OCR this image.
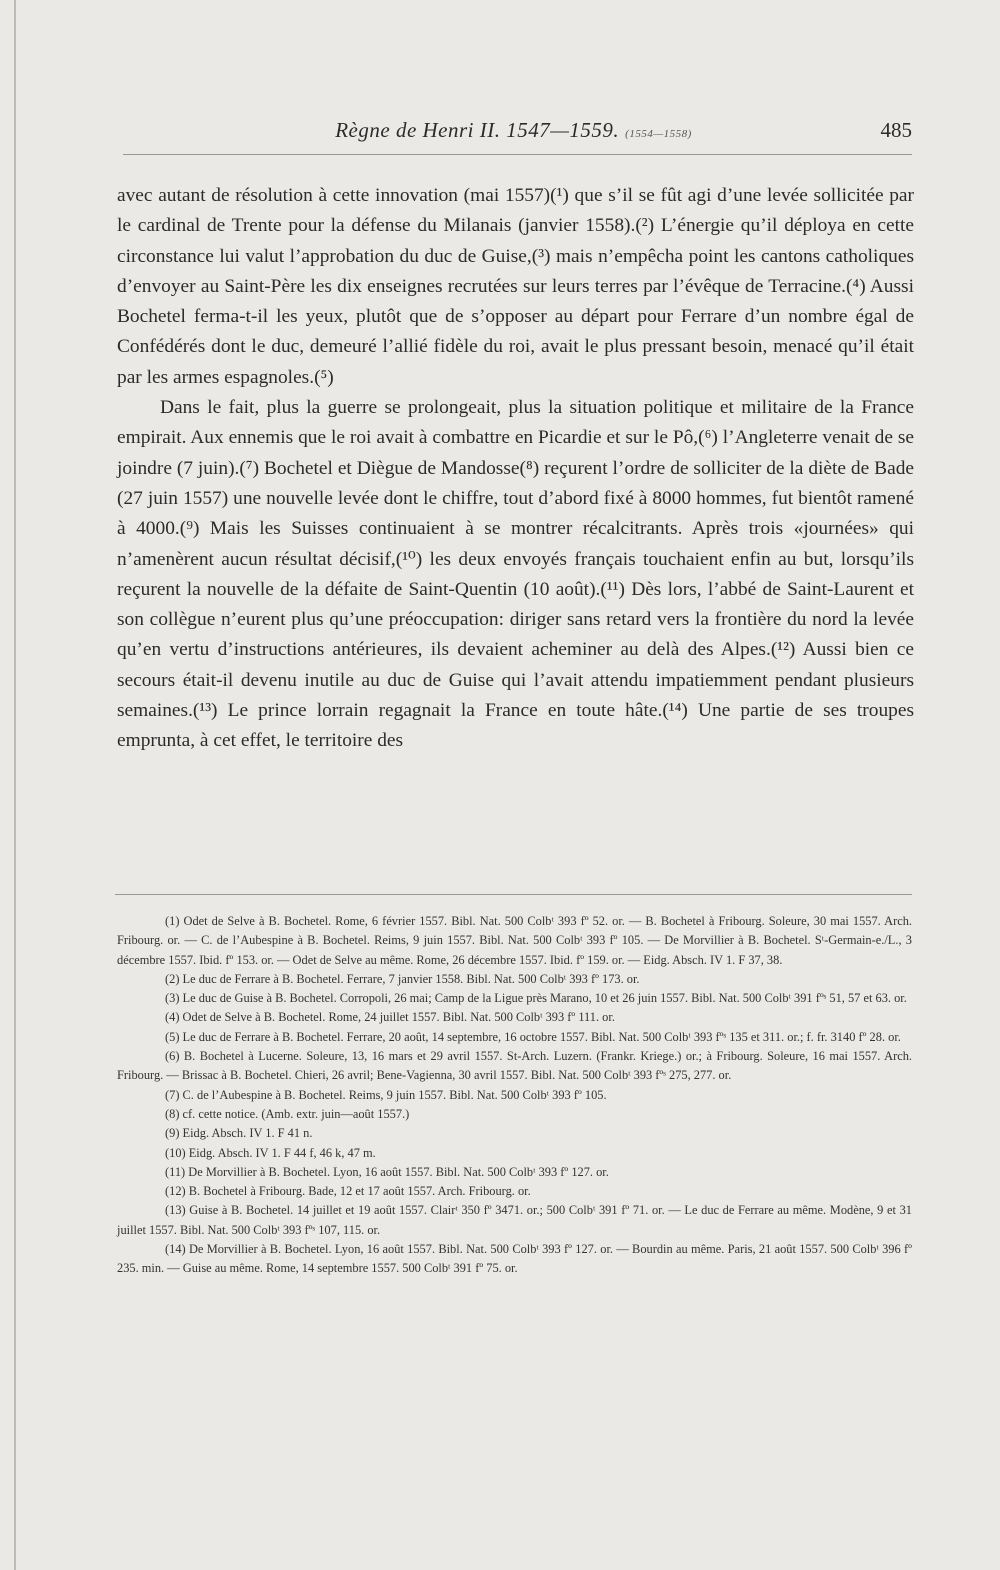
Règne de Henri II. 1547—1559. (1554—1558)	485

avec autant de résolution à cette innovation (mai 1557)(¹) que s’il se fût agi d’une levée sollicitée par le cardinal de Trente pour la défense du Milanais (janvier 1558).(²) L’énergie qu’il déploya en cette circonstance lui valut l’approbation du duc de Guise,(³) mais n’empêcha point les cantons catholiques d’envoyer au Saint-Père les dix enseignes recrutées sur leurs terres par l’évêque de Terracine.(⁴) Aussi Bochetel ferma-t-il les yeux, plutôt que de s’opposer au départ pour Ferrare d’un nombre égal de Confédérés dont le duc, demeuré l’allié fidèle du roi, avait le plus pressant besoin, menacé qu’il était par les armes espagnoles.(⁵)

Dans le fait, plus la guerre se prolongeait, plus la situation politique et militaire de la France empirait. Aux ennemis que le roi avait à combattre en Picardie et sur le Pô,(⁶) l’Angleterre venait de se joindre (7 juin).(⁷) Bochetel et Diègue de Mandosse(⁸) reçurent l’ordre de solliciter de la diète de Bade (27 juin 1557) une nouvelle levée dont le chiffre, tout d’abord fixé à 8000 hommes, fut bientôt ramené à 4000.(⁹) Mais les Suisses continuaient à se montrer récalcitrants. Après trois «journées» qui n’amenèrent aucun résultat décisif,(¹⁰) les deux envoyés français touchaient enfin au but, lorsqu’ils reçurent la nouvelle de la défaite de Saint-Quentin (10 août).(¹¹) Dès lors, l’abbé de Saint-Laurent et son collègue n’eurent plus qu’une préoccupation: diriger sans retard vers la frontière du nord la levée qu’en vertu d’instructions antérieures, ils devaient acheminer au delà des Alpes.(¹²) Aussi bien ce secours était-il devenu inutile au duc de Guise qui l’avait attendu impatiemment pendant plusieurs semaines.(¹³) Le prince lorrain regagnait la France en toute hâte.(¹⁴) Une partie de ses troupes emprunta, à cet effet, le territoire des

(1) Odet de Selve à B. Bochetel. Rome, 6 février 1557. Bibl. Nat. 500 Colbᵗ 393 fº 52. or. — B. Bochetel à Fribourg. Soleure, 30 mai 1557. Arch. Fribourg. or. — C. de l’Aubespine à B. Bochetel. Reims, 9 juin 1557. Bibl. Nat. 500 Colbᵗ 393 fº 105. — De Morvillier à B. Bochetel. Sᵗ-Germain-e./L., 3 décembre 1557. Ibid. fº 153. or. — Odet de Selve au même. Rome, 26 décembre 1557. Ibid. fº 159. or. — Eidg. Absch. IV 1. F 37, 38.

(2) Le duc de Ferrare à B. Bochetel. Ferrare, 7 janvier 1558. Bibl. Nat. 500 Colbᵗ 393 fº 173. or.

(3) Le duc de Guise à B. Bochetel. Corropoli, 26 mai; Camp de la Ligue près Marano, 10 et 26 juin 1557. Bibl. Nat. 500 Colbᵗ 391 fºˢ 51, 57 et 63. or.

(4) Odet de Selve à B. Bochetel. Rome, 24 juillet 1557. Bibl. Nat. 500 Colbᵗ 393 fº 111. or.

(5) Le duc de Ferrare à B. Bochetel. Ferrare, 20 août, 14 septembre, 16 octobre 1557. Bibl. Nat. 500 Colbᵗ 393 fºˢ 135 et 311. or.; f. fr. 3140 fº 28. or.

(6) B. Bochetel à Lucerne. Soleure, 13, 16 mars et 29 avril 1557. St-Arch. Luzern. (Frankr. Kriege.) or.; à Fribourg. Soleure, 16 mai 1557. Arch. Fribourg. — Brissac à B. Bochetel. Chieri, 26 avril; Bene-Vagienna, 30 avril 1557. Bibl. Nat. 500 Colbᵗ 393 fºˢ 275, 277. or.

(7) C. de l’Aubespine à B. Bochetel. Reims, 9 juin 1557. Bibl. Nat. 500 Colbᵗ 393 fº 105.

(8) cf. cette notice. (Amb. extr. juin—août 1557.)

(9) Eidg. Absch. IV 1. F 41 n.

(10) Eidg. Absch. IV 1. F 44 f, 46 k, 47 m.

(11) De Morvillier à B. Bochetel. Lyon, 16 août 1557. Bibl. Nat. 500 Colbᵗ 393 fº 127. or.

(12) B. Bochetel à Fribourg. Bade, 12 et 17 août 1557. Arch. Fribourg. or.

(13) Guise à B. Bochetel. 14 juillet et 19 août 1557. Clairᵗ 350 fº 3471. or.; 500 Colbᵗ 391 fº 71. or. — Le duc de Ferrare au même. Modène, 9 et 31 juillet 1557. Bibl. Nat. 500 Colbᵗ 393 fºˢ 107, 115. or.

(14) De Morvillier à B. Bochetel. Lyon, 16 août 1557. Bibl. Nat. 500 Colbᵗ 393 fº 127. or. — Bourdin au même. Paris, 21 août 1557. 500 Colbᵗ 396 fº 235. min. — Guise au même. Rome, 14 septembre 1557. 500 Colbᵗ 391 fº 75. or.
